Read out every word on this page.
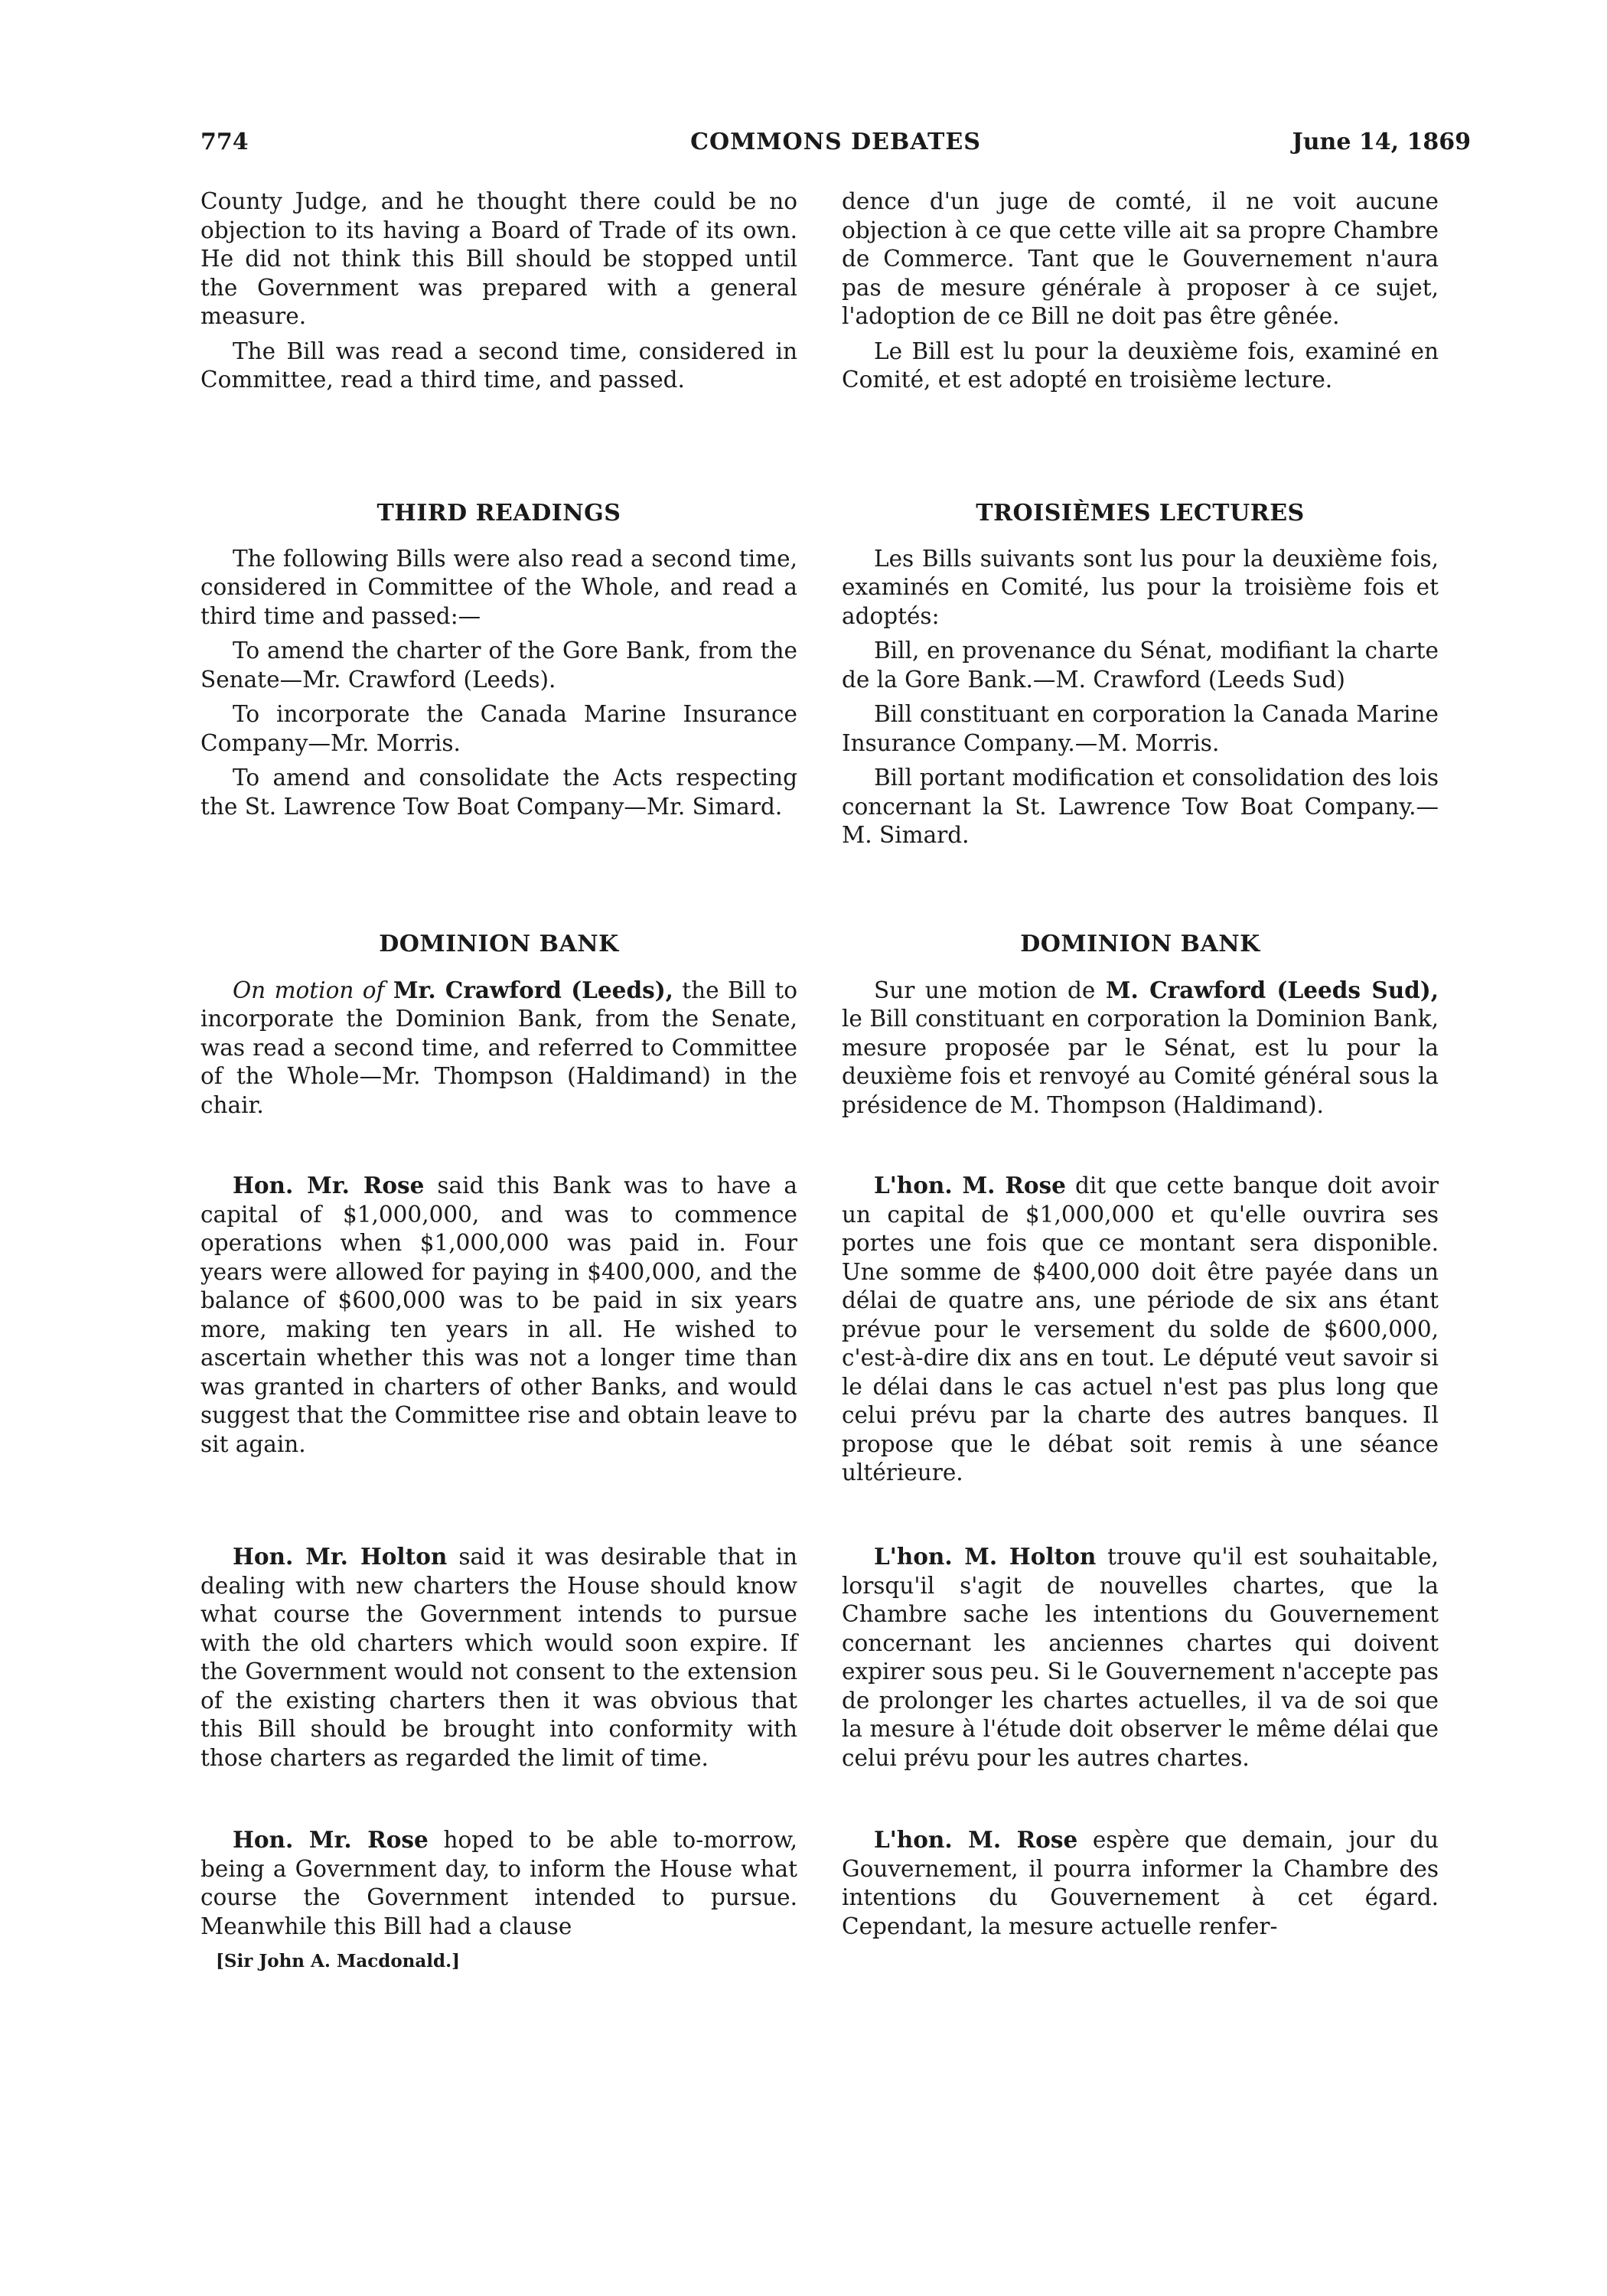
774	COMMONS DEBATES	June 14, 1869

County Judge, and he thought there could be no objection to its having a Board of Trade of its own. He did not think this Bill should be stopped until the Government was prepared with a general measure.

The Bill was read a second time, considered in Committee, read a third time, and passed.

THIRD READINGS

The following Bills were also read a second time, considered in Committee of the Whole, and read a third time and passed:—

To amend the charter of the Gore Bank, from the Senate—Mr. Crawford (Leeds).

To incorporate the Canada Marine Insurance Company—Mr. Morris.

To amend and consolidate the Acts respecting the St. Lawrence Tow Boat Company—Mr. Simard.

DOMINION BANK

On motion of Mr. Crawford (Leeds), the Bill to incorporate the Dominion Bank, from the Senate, was read a second time, and referred to Committee of the Whole—Mr. Thompson (Haldimand) in the chair.

Hon. Mr. Rose said this Bank was to have a capital of $1,000,000, and was to commence operations when $1,000,000 was paid in. Four years were allowed for paying in $400,000, and the balance of $600,000 was to be paid in six years more, making ten years in all. He wished to ascertain whether this was not a longer time than was granted in charters of other Banks, and would suggest that the Committee rise and obtain leave to sit again.

Hon. Mr. Holton said it was desirable that in dealing with new charters the House should know what course the Government intends to pursue with the old charters which would soon expire. If the Government would not consent to the extension of the existing charters then it was obvious that this Bill should be brought into conformity with those charters as regarded the limit of time.

Hon. Mr. Rose hoped to be able to-morrow, being a Government day, to inform the House what course the Government intended to pursue. Meanwhile this Bill had a clause

[Sir John A. Macdonald.]

dence d'un juge de comté, il ne voit aucune objection à ce que cette ville ait sa propre Chambre de Commerce. Tant que le Gouvernement n'aura pas de mesure générale à proposer à ce sujet, l'adoption de ce Bill ne doit pas être gênée.

Le Bill est lu pour la deuxième fois, examiné en Comité, et est adopté en troisième lecture.

TROISIÈMES LECTURES

Les Bills suivants sont lus pour la deuxième fois, examinés en Comité, lus pour la troisième fois et adoptés:

Bill, en provenance du Sénat, modifiant la charte de la Gore Bank.—M. Crawford (Leeds Sud)

Bill constituant en corporation la Canada Marine Insurance Company.—M. Morris.

Bill portant modification et consolidation des lois concernant la St. Lawrence Tow Boat Company.—M. Simard.

DOMINION BANK

Sur une motion de M. Crawford (Leeds Sud), le Bill constituant en corporation la Dominion Bank, mesure proposée par le Sénat, est lu pour la deuxième fois et renvoyé au Comité général sous la présidence de M. Thompson (Haldimand).

L'hon. M. Rose dit que cette banque doit avoir un capital de $1,000,000 et qu'elle ouvrira ses portes une fois que ce montant sera disponible. Une somme de $400,000 doit être payée dans un délai de quatre ans, une période de six ans étant prévue pour le versement du solde de $600,000, c'est-à-dire dix ans en tout. Le député veut savoir si le délai dans le cas actuel n'est pas plus long que celui prévu par la charte des autres banques. Il propose que le débat soit remis à une séance ultérieure.

L'hon. M. Holton trouve qu'il est souhaitable, lorsqu'il s'agit de nouvelles chartes, que la Chambre sache les intentions du Gouvernement concernant les anciennes chartes qui doivent expirer sous peu. Si le Gouvernement n'accepte pas de prolonger les chartes actuelles, il va de soi que la mesure à l'étude doit observer le même délai que celui prévu pour les autres chartes.

L'hon. M. Rose espère que demain, jour du Gouvernement, il pourra informer la Chambre des intentions du Gouvernement à cet égard. Cependant, la mesure actuelle renfer-
